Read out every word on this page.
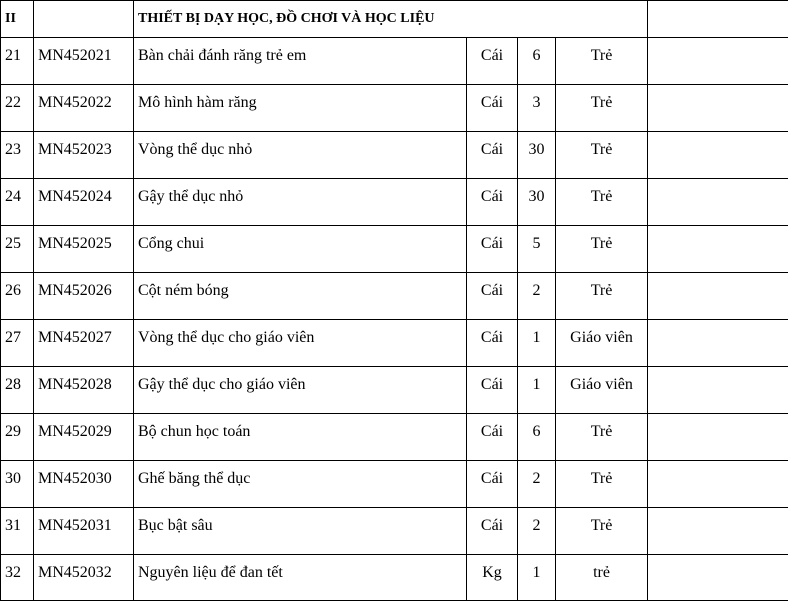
II		THIẾT BỊ DẠY HỌC, ĐỒ CHƠI VÀ HỌC LIỆU				
21	MN452021	Bàn chải đánh răng trẻ em	Cái	6	Trẻ	
22	MN452022	Mô hình hàm răng	Cái	3	Trẻ	
23	MN452023	Vòng thể dục nhỏ	Cái	30	Trẻ	
24	MN452024	Gậy thể dục nhỏ	Cái	30	Trẻ	
25	MN452025	Cổng chui	Cái	5	Trẻ	
26	MN452026	Cột ném bóng	Cái	2	Trẻ	
27	MN452027	Vòng thể dục cho giáo viên	Cái	1	Giáo viên	
28	MN452028	Gậy thể dục cho giáo viên	Cái	1	Giáo viên	
29	MN452029	Bộ chun học toán	Cái	6	Trẻ	
30	MN452030	Ghế băng thể dục	Cái	2	Trẻ	
31	MN452031	Bục bật sâu	Cái	2	Trẻ	
32	MN452032	Nguyên liệu để đan tết	Kg	1	trẻ	
